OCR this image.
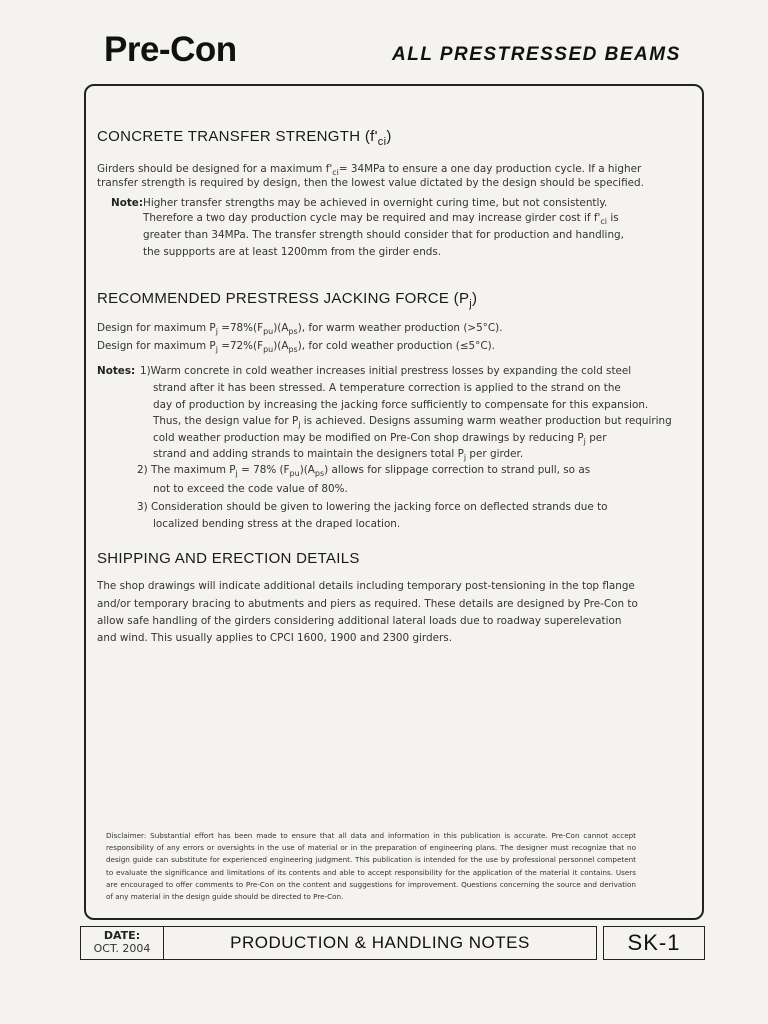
Pre-Con	ALL PRESTRESSED BEAMS
CONCRETE TRANSFER STRENGTH $(f'_{ci})$
Girders should be designed for a maximum $f'_{ci}= 34MPa$ to ensure a one day production cycle. If a higher
transfer strength is required by design, then the lowest value dictated by the design should be specified.
Note:Higher transfer strengths may be achieved in overnight curing time, but not consistently.
Therefore a two day production cycle may be required and may increase girder cost if $f'_{ci}$ is
greater than 34MPa. The transfer strength should consider that for production and handling,
the suppports are at least 1200mm from the girder ends.
RECOMMENDED PRESTRESS JACKING FORCE $(P_j)$
Design for maximum $P_j =78\%(F_{pu})(A_{ps})$, for warm weather production (>5°C).
Design for maximum $P_j =72\%(F_{pu})(A_{ps})$, for cold weather production (≤5°C).
Notes: 1)Warm concrete in cold weather increases initial prestress losses by expanding the cold steel
strand after it has been stressed. A temperature correction is applied to the strand on the
day of production by increasing the jacking force sufficiently to compensate for this expansion.
Thus, the design value for $P_j$ is achieved. Designs assuming warm weather production but requiring
cold weather production may be modified on Pre-Con shop drawings by reducing $P_j$ per
strand and adding strands to maintain the designers total $P_j$ per girder.
2) The maximum $P_j = 78\%$ $(F_{pu})(A_{ps})$ allows for slippage correction to strand pull, so as
not to exceed the code value of 80%.
3) Consideration should be given to lowering the jacking force on deflected strands due to
localized bending stress at the draped location.
SHIPPING AND ERECTION DETAILS
The shop drawings will indicate additional details including temporary post-tensioning in the top flange
and/or temporary bracing to abutments and piers as required. These details are designed by Pre-Con to
allow safe handling of the girders considering additional lateral loads due to roadway superelevation
and wind. This usually applies to CPCI 1600, 1900 and 2300 girders.
Disclaimer: Substantial effort has been made to ensure that all data and information in this publication is accurate. Pre-Con cannot accept responsibility of any errors or oversights in the use of material or in the preparation of engineering plans. The designer must recognize that no design guide can substitute for experienced engineering judgment. This publication is intended for the use by professional personnel competent to evaluate the significance and limitations of its contents and able to accept responsibility for the application of the material it contains. Users are encouraged to offer comments to Pre-Con on the content and suggestions for improvement. Questions concerning the source and derivation of any material in the design guide should be directed to Pre-Con.
DATE:
OCT. 2004	PRODUCTION & HANDLING NOTES	SK-1
